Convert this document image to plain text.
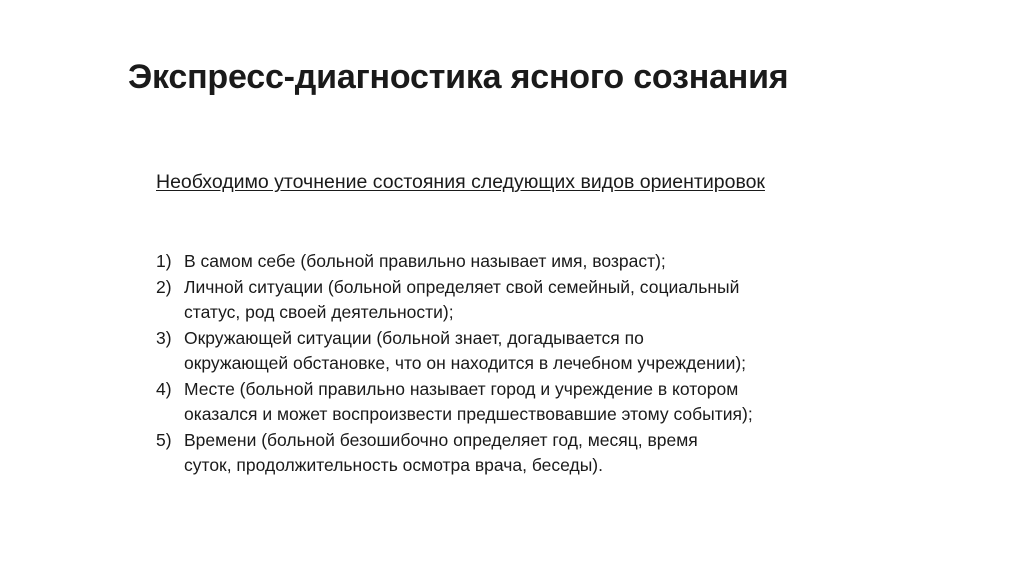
Экспресс-диагностика ясного сознания

Необходимо уточнение состояния следующих видов ориентировок

1) В самом себе (больной правильно называет имя, возраст);
2) Личной ситуации (больной определяет свой семейный, социальный
статус, род своей деятельности);
3) Окружающей ситуации (больной знает, догадывается по
окружающей обстановке, что он находится в лечебном учреждении);
4) Месте (больной правильно называет город и учреждение в котором
оказался и может воспроизвести предшествовавшие этому события);
5) Времени (больной безошибочно определяет год, месяц, время
суток, продолжительность осмотра врача, беседы).
